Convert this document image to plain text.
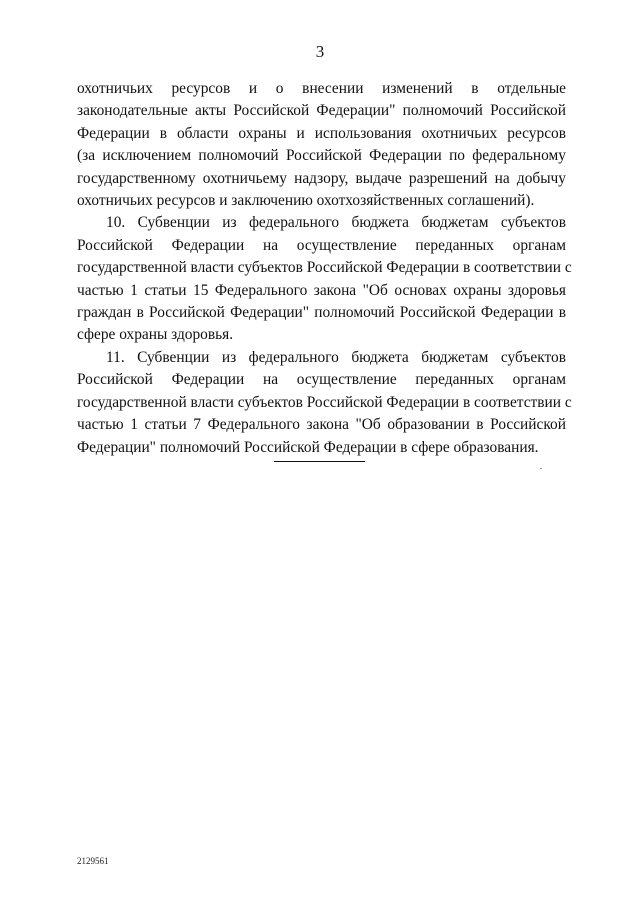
3
охотничьих ресурсов и о внесении изменений в отдельные
законодательные акты Российской Федерации" полномочий Российской
Федерации в области охраны и использования охотничьих ресурсов
(за исключением полномочий Российской Федерации по федеральному
государственному охотничьему надзору, выдаче разрешений на добычу
охотничьих ресурсов и заключению охотхозяйственных соглашений).
10. Субвенции из федерального бюджета бюджетам субъектов
Российской Федерации на осуществление переданных органам
государственной власти субъектов Российской Федерации в соответствии с
частью 1 статьи 15 Федерального закона "Об основах охраны здоровья
граждан в Российской Федерации" полномочий Российской Федерации в
сфере охраны здоровья.
11. Субвенции из федерального бюджета бюджетам субъектов
Российской Федерации на осуществление переданных органам
государственной власти субъектов Российской Федерации в соответствии с
частью 1 статьи 7 Федерального закона "Об образовании в Российской
Федерации" полномочий Российской Федерации в сфере образования.
2129561
